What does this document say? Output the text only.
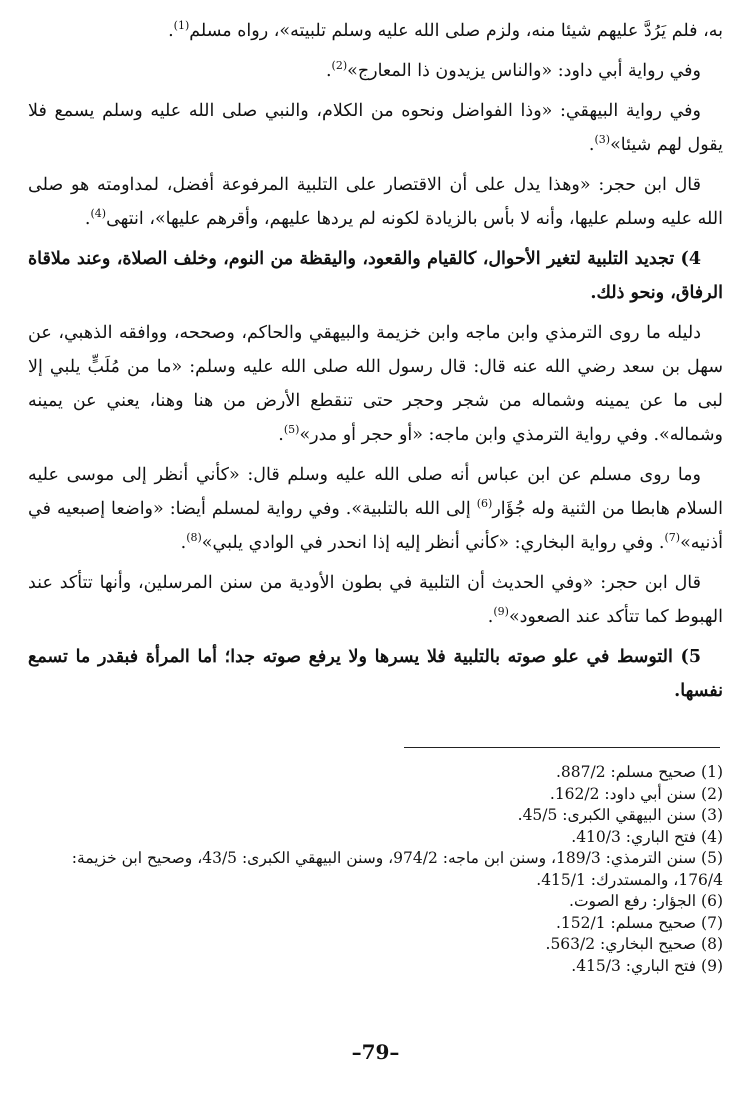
به، فلم يَرُدَّ عليهم شيئا منه، ولزم صلى الله عليه وسلم تلبيته»، رواه مسلم$^{(1)}$.

وفي رواية أبي داود: «والناس يزيدون ذا المعارج»$^{(2)}$.

وفي رواية البيهقي: «وذا الفواضل ونحوه من الكلام، والنبي صلى الله عليه وسلم يسمع فلا يقول لهم شيئا»$^{(3)}$.

قال ابن حجر: «وهذا يدل على أن الاقتصار على التلبية المرفوعة أفضل، لمداومته هو صلى الله عليه وسلم عليها، وأنه لا بأس بالزيادة لكونه لم يردها عليهم، وأقرهم عليها»، انتهى$^{(4)}$.

4) تجديد التلبية لتغير الأحوال، كالقيام والقعود، واليقظة من النوم، وخلف الصلاة، وعند ملاقاة الرفاق، ونحو ذلك.

دليله ما روى الترمذي وابن ماجه وابن خزيمة والبيهقي والحاكم، وصححه، ووافقه الذهبي، عن سهل بن سعد رضي الله عنه قال: قال رسول الله صلى الله عليه وسلم: «ما من مُلَبٍّ يلبي إلا لبى ما عن يمينه وشماله من شجر وحجر حتى تنقطع الأرض من هنا وهنا، يعني عن يمينه وشماله». وفي رواية الترمذي وابن ماجه: «أو حجر أو مدر»$^{(5)}$.

وما روى مسلم عن ابن عباس أنه صلى الله عليه وسلم قال: «كأني أنظر إلى موسى عليه السلام هابطا من الثنية وله جُؤَار$^{(6)}$ إلى الله بالتلبية». وفي رواية لمسلم أيضا: «واضعا إصبعيه في أذنيه»$^{(7)}$. وفي رواية البخاري: «كأني أنظر إليه إذا انحدر في الوادي يلبي»$^{(8)}$.

قال ابن حجر: «وفي الحديث أن التلبية في بطون الأودية من سنن المرسلين، وأنها تتأكد عند الهبوط كما تتأكد عند الصعود»$^{(9)}$.

5) التوسط في علو صوته بالتلبية فلا يسرها ولا يرفع صوته جدا؛ أما المرأة فبقدر ما تسمع نفسها.

(1) صحيح مسلم: 887/2.

(2) سنن أبي داود: 162/2.

(3) سنن البيهقي الكبرى: 45/5.

(4) فتح الباري: 410/3.

(5) سنن الترمذي: 189/3، وسنن ابن ماجه: 974/2، وسنن البيهقي الكبرى: 43/5، وصحيح ابن خزيمة: 176/4، والمستدرك: 415/1.

(6) الجؤار: رفع الصوت.

(7) صحيح مسلم: 152/1.

(8) صحيح البخاري: 563/2.

(9) فتح الباري: 415/3.

–79–
